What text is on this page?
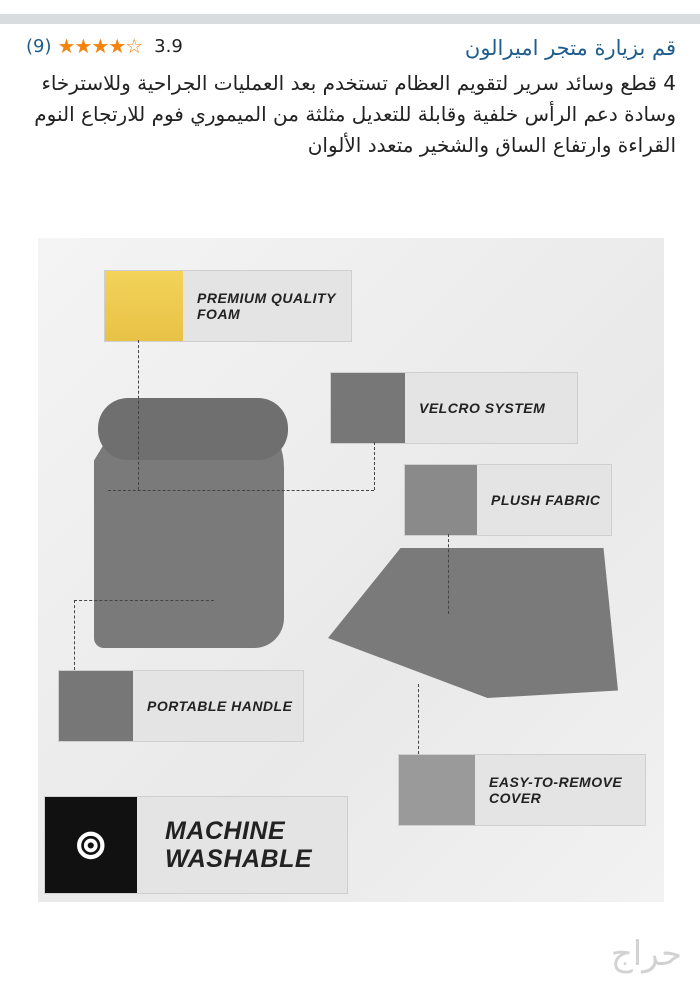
قم بزيارة متجر اميرالون
(9) ★★★★☆ 3.9
4 قطع وسائد سرير لتقويم العظام تستخدم بعد العمليات الجراحية وللاسترخاء وسادة دعم الرأس خلفية وقابلة للتعديل مثلثة من الميموري فوم للارتجاع النوم القراءة وارتفاع الساق والشخير متعدد الألوان
PREMIUM QUALITY FOAM
VELCRO SYSTEM
PLUSH FABRIC
PORTABLE HANDLE
EASY-TO-REMOVE COVER
⊚	MACHINE WASHABLE
حراج
